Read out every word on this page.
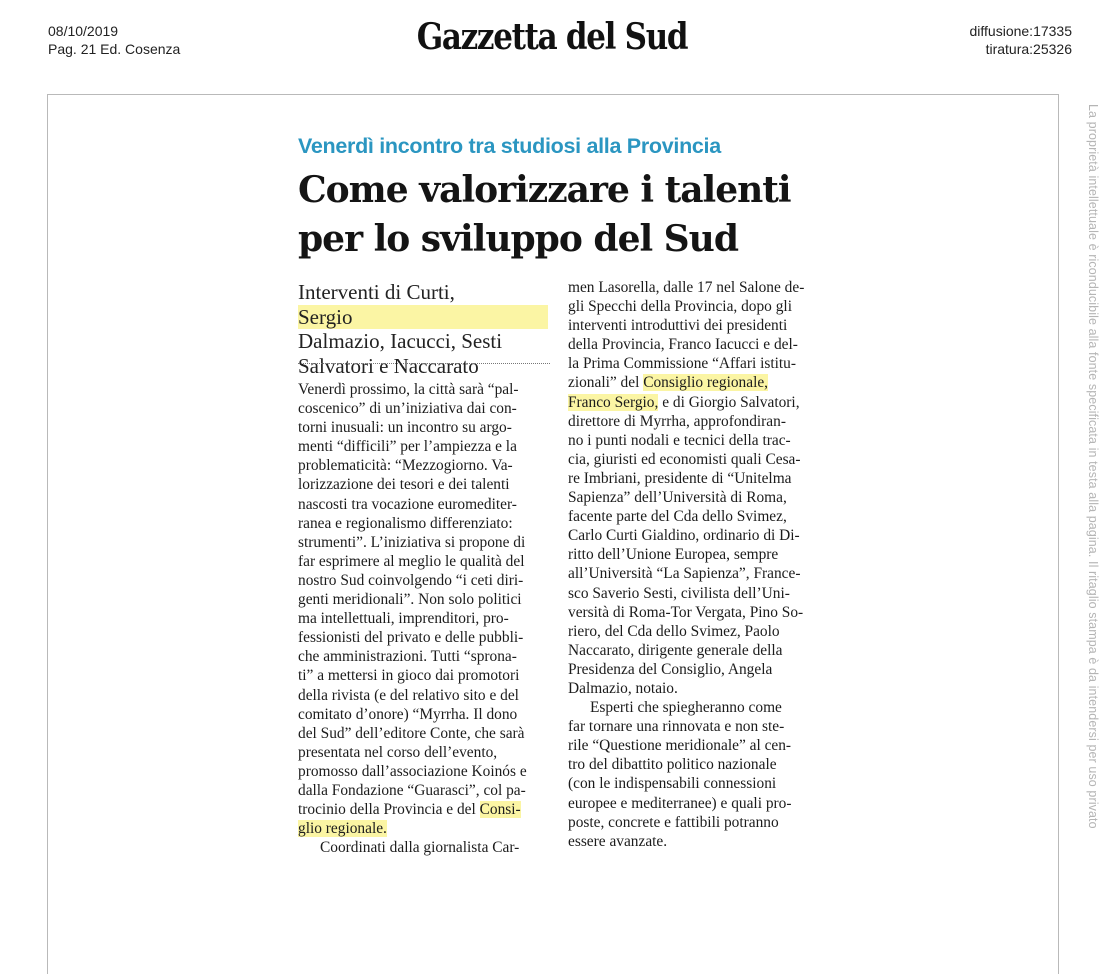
08/10/2019
Pag. 21 Ed. Cosenza	Gazzetta del Sud	diffusione:17335
tiratura:25326
La proprietà intellettuale è riconducibile alla fonte specificata in testa alla pagina. Il ritaglio stampa è da intendersi per uso privato
Venerdì incontro tra studiosi alla Provincia
Come valorizzare i talenti
per lo sviluppo del Sud
Interventi di Curti,
Sergio
Dalmazio, Iacucci, Sesti
Salvatori e Naccarato
Venerdì prossimo, la città sarà “pal-
coscenico” di un’iniziativa dai con-
torni inusuali: un incontro su argo-
menti “difficili” per l’ampiezza e la
problematicità: “Mezzogiorno. Va-
lorizzazione dei tesori e dei talenti
nascosti tra vocazione euromediter-
ranea e regionalismo differenziato:
strumenti”. L’iniziativa si propone di
far esprimere al meglio le qualità del
nostro Sud coinvolgendo “i ceti diri-
genti meridionali”. Non solo politici
ma intellettuali, imprenditori, pro-
fessionisti del privato e delle pubbli-
che amministrazioni. Tutti “sprona-
ti” a mettersi in gioco dai promotori
della rivista (e del relativo sito e del
comitato d’onore) “Myrrha. Il dono
del Sud” dell’editore Conte, che sarà
presentata nel corso dell’evento,
promosso dall’associazione Koinós e
dalla Fondazione “Guarasci”, col pa-
trocinio della Provincia e del Consi-
glio regionale.
Coordinati dalla giornalista Car-
men Lasorella, dalle 17 nel Salone de-
gli Specchi della Provincia, dopo gli
interventi introduttivi dei presidenti
della Provincia, Franco Iacucci e del-
la Prima Commissione “Affari istitu-
zionali” del Consiglio regionale,
Franco Sergio, e di Giorgio Salvatori,
direttore di Myrrha, approfondiran-
no i punti nodali e tecnici della trac-
cia, giuristi ed economisti quali Cesa-
re Imbriani, presidente di “Unitelma
Sapienza” dell’Università di Roma,
facente parte del Cda dello Svimez,
Carlo Curti Gialdino, ordinario di Di-
ritto dell’Unione Europea, sempre
all’Università “La Sapienza”, France-
sco Saverio Sesti, civilista dell’Uni-
versità di Roma-Tor Vergata, Pino So-
riero, del Cda dello Svimez, Paolo
Naccarato, dirigente generale della
Presidenza del Consiglio, Angela
Dalmazio, notaio.
Esperti che spiegheranno come
far tornare una rinnovata e non ste-
rile “Questione meridionale” al cen-
tro del dibattito politico nazionale
(con le indispensabili connessioni
europee e mediterranee) e quali pro-
poste, concrete e fattibili potranno
essere avanzate.
